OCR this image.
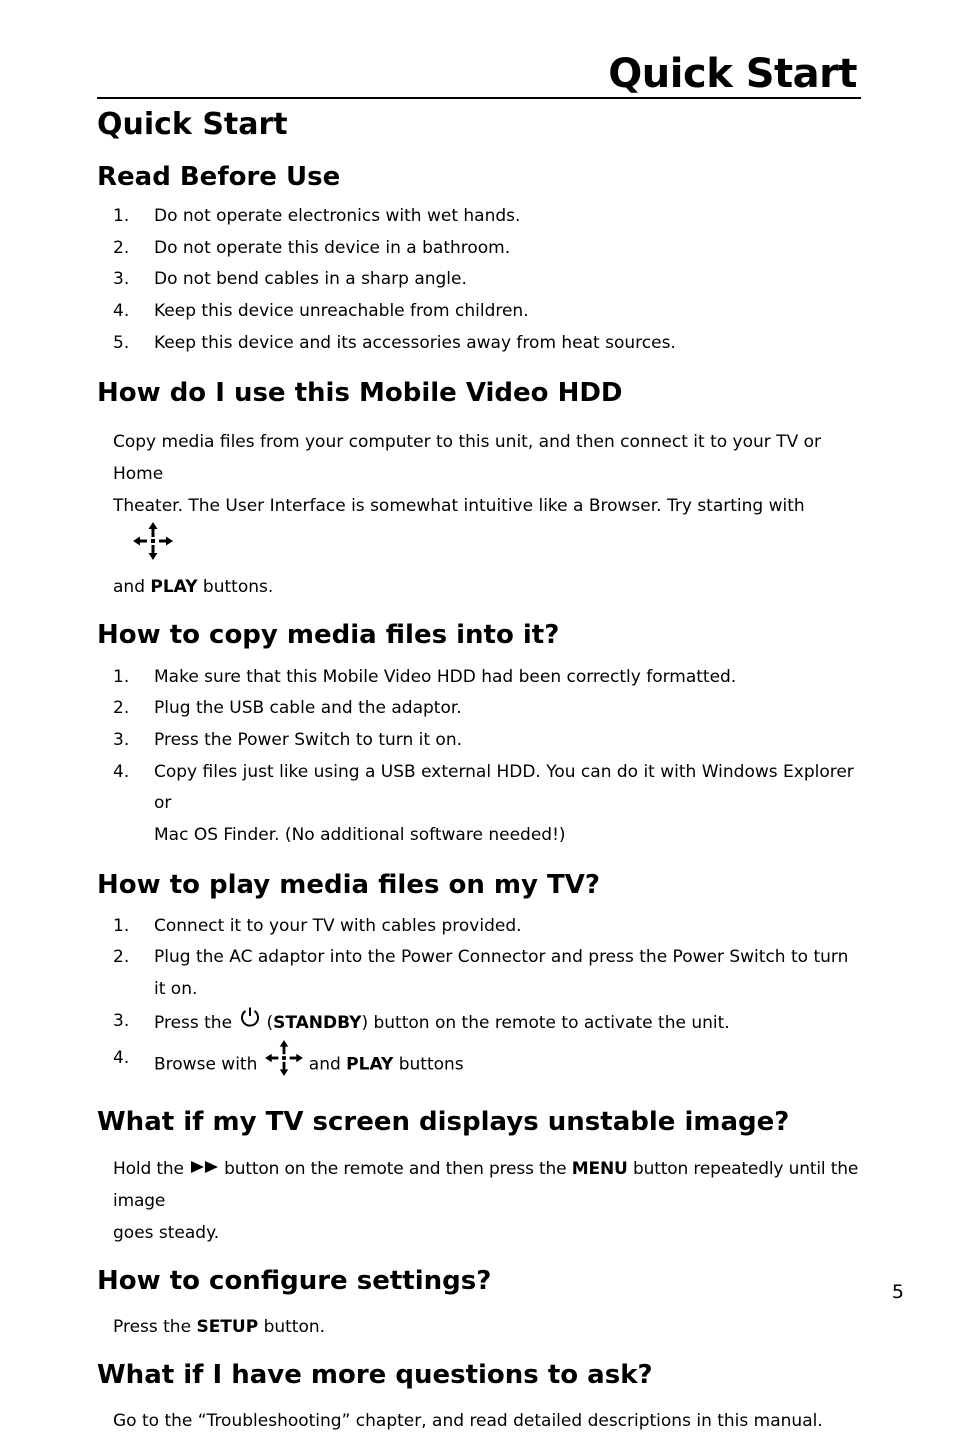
Quick Start
Quick Start
Read Before Use
1. Do not operate electronics with wet hands.
2. Do not operate this device in a bathroom.
3. Do not bend cables in a sharp angle.
4. Keep this device unreachable from children.
5. Keep this device and its accessories away from heat sources.
How do I use this Mobile Video HDD

Copy media files from your computer to this unit, and then connect it to your TV or Home

Theater. The User Interface is somewhat intuitive like a Browser. Try starting with

and PLAY buttons.

How to copy media files into it?
1. Make sure that this Mobile Video HDD had been correctly formatted.
2. Plug the USB cable and the adaptor.
3. Press the Power Switch to turn it on.
4. Copy files just like using a USB external HDD. You can do it with Windows Explorer or
Mac OS Finder. (No additional software needed!)
How to play media files on my TV?
1. Connect it to your TV with cables provided.
2. Plug the AC adaptor into the Power Connector and press the Power Switch to turn it on.
3. Press the (STANDBY) button on the remote to activate the unit.
4. Browse with	and PLAY buttons
What if my TV screen displays unstable image?

Hold the button on the remote and then press the MENU button repeatedly until the image

goes steady.

How to configure settings?

Press the SETUP button.

What if I have more questions to ask?

Go to the “Troubleshooting” chapter, and read detailed descriptions in this manual.

5
